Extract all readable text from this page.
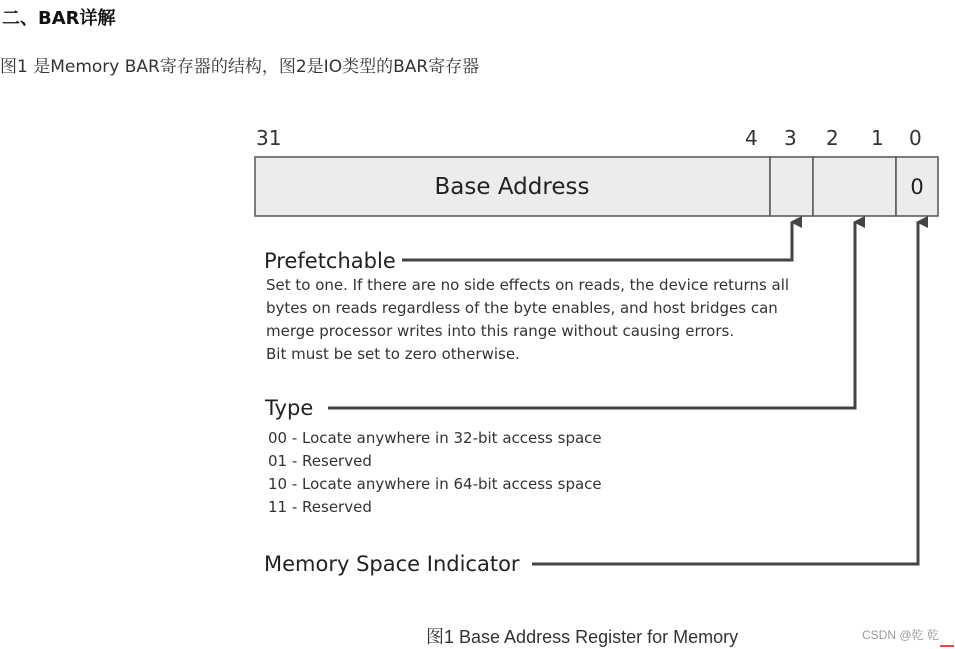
二、BAR详解
图1 是Memory BAR寄存器的结构，图2是IO类型的BAR寄存器
31	4 3 2 1 0
Base Address	0
Prefetchable
Set to one. If there are no side effects on reads, the device returns all
bytes on reads regardless of the byte enables, and host bridges can
merge processor writes into this range without causing errors.
Bit must be set to zero otherwise.
Type
00 - Locate anywhere in 32-bit access space
01 - Reserved
10 - Locate anywhere in 64-bit access space
11 - Reserved
Memory Space Indicator
图1 Base Address Register for Memory	CSDN @乾 乾
